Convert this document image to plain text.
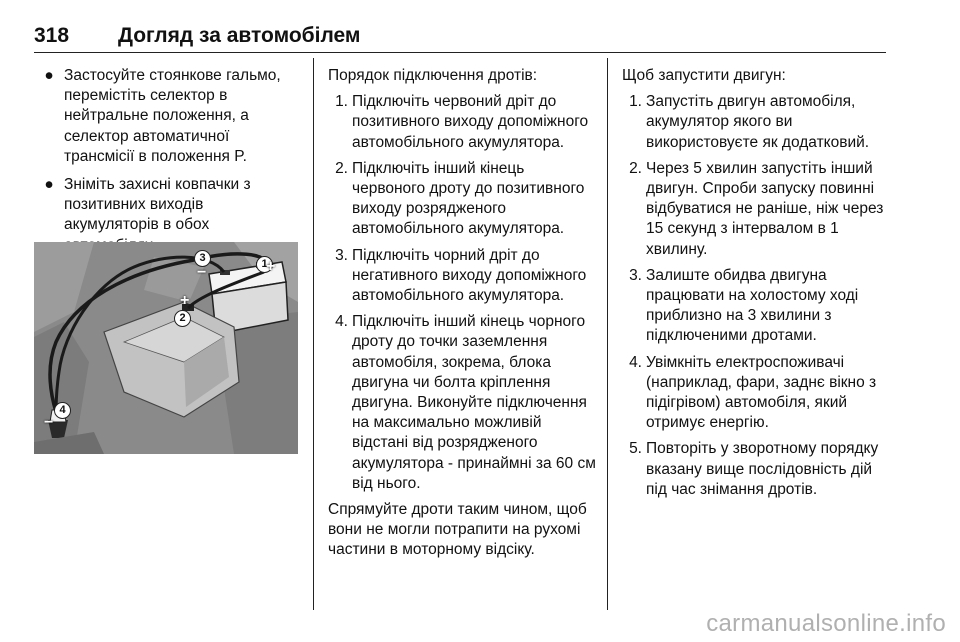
318 Догляд за автомобілем
● Застосуйте стоянкове гальмо, перемістіть селектор в нейтральне положення, а селектор автоматичної трансмісії в положення P.
● Зніміть захисні ковпачки з позитивних виходів акумуляторів в обох
1
+
2
+
3
−
4
−
Порядок підключення дротів:
1. Підключіть червоний дріт до позитивного виходу допоміжного автомобільного акумулятора.
2. Підключіть інший кінець червоного дроту до позитивного виходу розрядженого автомобільного акумулятора.
3. Підключіть чорний дріт до негативного виходу допоміжного автомобільного акумулятора.
4. Підключіть інший кінець чорного дроту до точки заземлення автомобіля, зокрема, блока двигуна чи болта кріплення двигуна. Виконуйте підключення на максимально можливій відстані від розрядженого акумулятора - принаймні за 60 см від нього.
Спрямуйте дроти таким чином, щоб вони не могли потрапити на рухомі частини в моторному відсіку.
Щоб запустити двигун:
1. Запустіть двигун автомобіля, акумулятор якого ви використовуєте як додатковий.
2. Через 5 хвилин запустіть інший двигун. Спроби запуску повинні відбуватися не раніше, ніж через 15 секунд з інтервалом в 1 хвилину.
3. Залиште обидва двигуна працювати на холостому ході приблизно на 3 хвилини з підключеними дротами.
4. Увімкніть електроспоживачі (наприклад, фари, заднє вікно з підігрівом) автомобіля, який отримує енергію.
5. Повторіть у зворотному порядку вказану вище послідовність дій під час знімання дротів.
carmanualsonline.info
